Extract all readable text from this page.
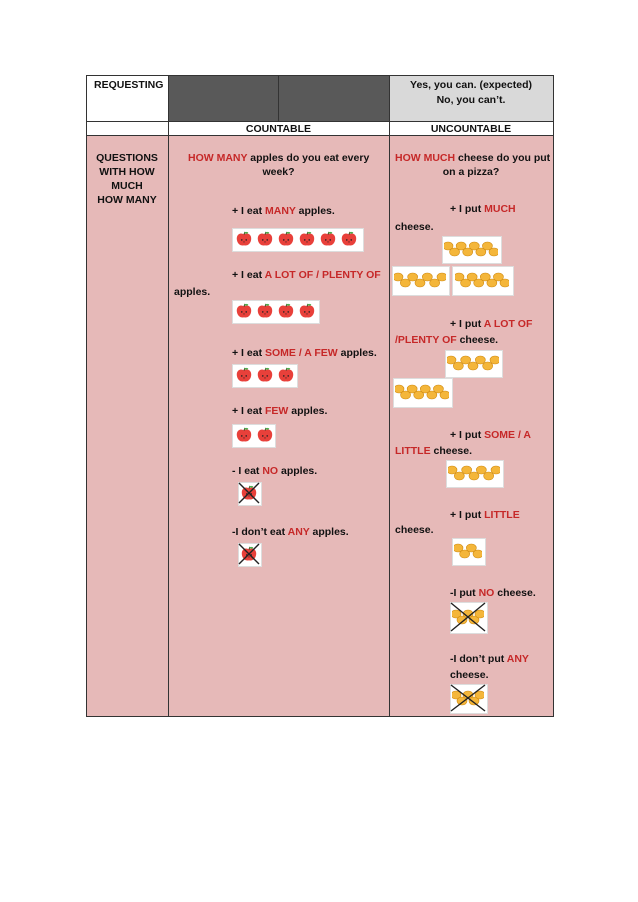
REQUESTING	Yes, you can. (expected)
No, you can’t.
COUNTABLE	UNCOUNTABLE
QUESTIONS
WITH HOW
MUCH
HOW MANY
HOW MANY apples do you eat every
week?
+ I eat MANY apples.
+ I eat A LOT OF / PLENTY OF
apples.
+ I eat SOME / A FEW apples.
+ I eat FEW apples.
- I eat NO apples.
-I don’t eat ANY apples.
HOW MUCH cheese do you put
on a pizza?
+ I put MUCH
cheese.
+ I put A LOT OF
/PLENTY OF cheese.
+ I put SOME / A
LITTLE cheese.
+ I put LITTLE
cheese.
-I put NO cheese.
-I don’t put ANY
cheese.
